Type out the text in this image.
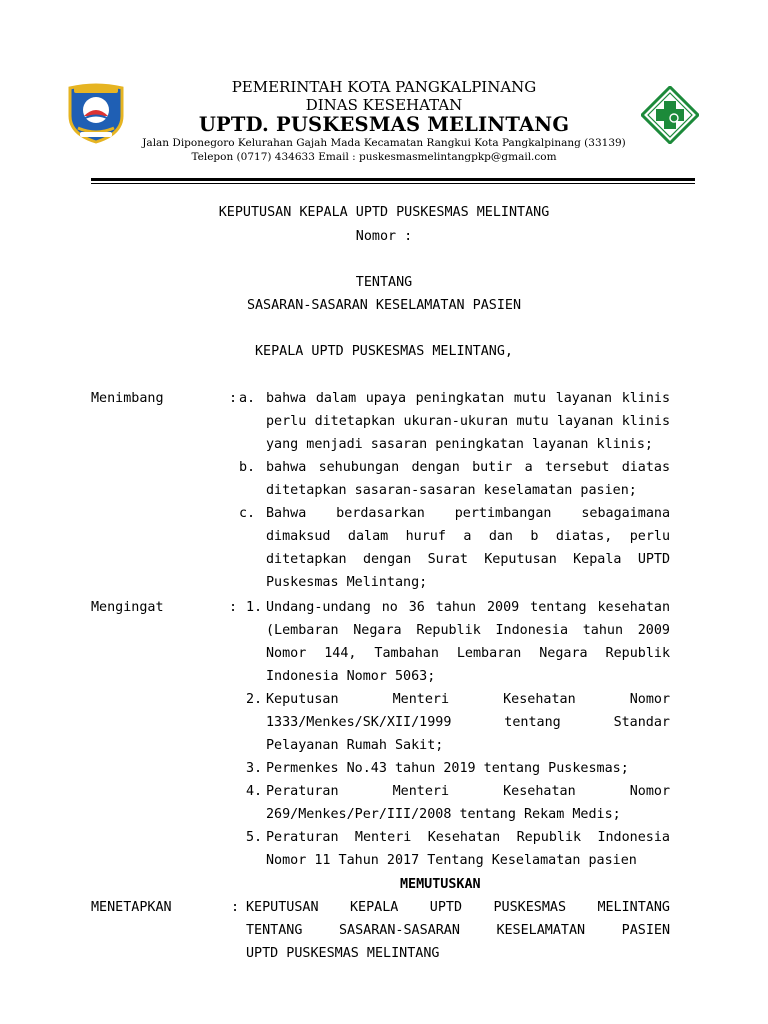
PEMERINTAH KOTA PANGKALPINANG
DINAS KESEHATAN
UPTD. PUSKESMAS MELINTANG
Jalan Diponegoro Kelurahan Gajah Mada Kecamatan Rangkui Kota Pangkalpinang (33139)
Telepon (0717) 434633 Email : puskesmasmelintangpkp@gmail.com
KEPUTUSAN KEPALA UPTD PUSKESMAS MELINTANG
Nomor :
TENTANG
SASARAN-SASARAN KESELAMATAN PASIEN
KEPALA UPTD PUSKESMAS MELINTANG,
Menimbang	: a. bahwa dalam upaya peningkatan mutu layanan klinis
perlu ditetapkan ukuran-ukuran mutu layanan klinis
yang menjadi sasaran peningkatan layanan klinis;
b. bahwa sehubungan dengan butir a tersebut diatas
ditetapkan sasaran-sasaran keselamatan pasien;
c. Bahwa berdasarkan pertimbangan sebagaimana
dimaksud dalam huruf a dan b diatas, perlu
ditetapkan dengan Surat Keputusan Kepala UPTD
Puskesmas Melintang;
Mengingat	: 1. Undang-undang no 36 tahun 2009 tentang kesehatan
(Lembaran Negara Republik Indonesia tahun 2009
Nomor 144, Tambahan Lembaran Negara Republik
Indonesia Nomor 5063;
2. Keputusan	Menteri	Kesehatan	Nomor
1333/Menkes/SK/XII/1999	tentang	Standar
Pelayanan Rumah Sakit;
3. Permenkes No.43 tahun 2019 tentang Puskesmas;
4. Peraturan	Menteri	Kesehatan	Nomor
269/Menkes/Per/III/2008 tentang Rekam Medis;
5. Peraturan Menteri Kesehatan Republik Indonesia
Nomor 11 Tahun 2017 Tentang Keselamatan pasien
MEMUTUSKAN
MENETAPKAN	: KEPUTUSAN KEPALA UPTD PUSKESMAS MELINTANG
TENTANG	SASARAN-SASARAN	KESELAMATAN	PASIEN
UPTD PUSKESMAS MELINTANG
